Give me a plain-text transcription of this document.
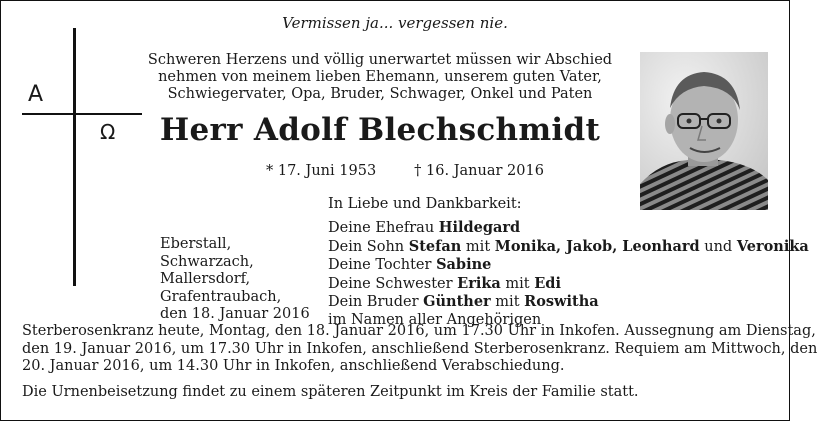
Vermissen ja... vergessen nie.
Schweren Herzens und völlig unerwartet müssen wir Abschied
nehmen von meinem lieben Ehemann, unserem guten Vater,
Schwiegervater, Opa, Bruder, Schwager, Onkel und Paten
Herr Adolf Blechschmidt
* 17. Juni 1953	† 16. Januar 2016
A
Ω
In Liebe und Dankbarkeit:
Deine Ehefrau Hildegard
Dein Sohn Stefan mit Monika, Jakob, Leonhard und Veronika
Deine Tochter Sabine
Deine Schwester Erika mit Edi
Dein Bruder Günther mit Roswitha
im Namen aller Angehörigen
Eberstall,
Schwarzach,
Mallersdorf,
Grafentraubach,
den 18. Januar 2016
Sterberosenkranz heute, Montag, den 18. Januar 2016, um 17.30 Uhr in Inkofen. Aussegnung am Dienstag,
den 19. Januar 2016, um 17.30 Uhr in Inkofen, anschließend Sterberosenkranz. Requiem am Mittwoch, den
20. Januar 2016, um 14.30 Uhr in Inkofen, anschließend Verabschiedung.
Die Urnenbeisetzung findet zu einem späteren Zeitpunkt im Kreis der Familie statt.
